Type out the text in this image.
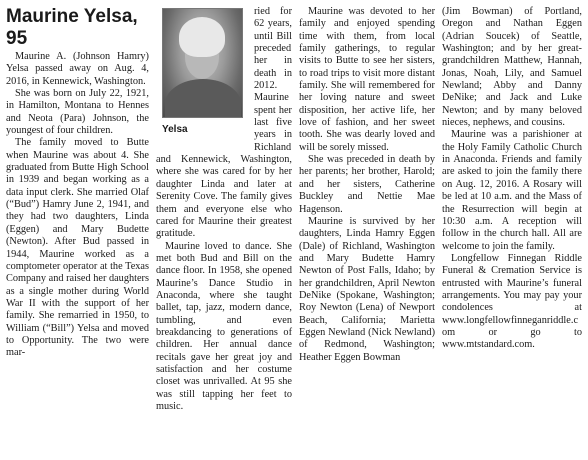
Maurine Yelsa, 95

Maurine A. (Johnson Hamry) Yelsa passed away on Aug. 4, 2016, in Kennewick, Washington.

She was born on July 22, 1921, in Hamilton, Montana to Hennes and Neota (Para) Johnson, the youngest of four children.

The family moved to Butte when Maurine was about 4. She graduated from Butte High School in 1939 and began working as a data input clerk. She married Olaf (“Bud”) Hamry June 2, 1941, and they had two daughters, Linda (Eggen) and Mary Budette (Newton). After Bud passed in 1944, Maurine worked as a comptometer operator at the Texas Company and raised her daughters as a single mother during World War II with the support of her family. She remarried in 1950, to William (“Bill”) Yelsa and moved to Opportunity. The two were mar-

Yelsa

ried for 62 years, until Bill preceded her in death in 2012. Maurine spent her last five years in Richland and Kennewick, Washington, where she was cared for by her daughter Linda and later at Serenity Cove. The family gives them and everyone else who cared for Maurine their greatest gratitude.

Maurine loved to dance. She met both Bud and Bill on the dance floor. In 1958, she opened Maurine’s Dance Studio in Anaconda, where she taught ballet, tap, jazz, modern dance, tumbling, and even breakdancing to generations of children. Her annual dance recitals gave her great joy and satisfaction and her costume closet was unrivalled. At 95 she was still tapping her feet to music.

Maurine was devoted to her family and enjoyed spending time with them, from local family gatherings, to regular visits to Butte to see her sisters, to road trips to visit more distant family. She will remembered for her loving nature and sweet disposition, her active life, her love of fashion, and her sweet tooth. She was dearly loved and will be sorely missed.

She was preceded in death by her parents; her brother, Harold; and her sisters, Catherine Buckley and Nettie Mae Hagenson.

Maurine is survived by her daughters, Linda Hamry Eggen (Dale) of Richland, Washington and Mary Budette Hamry Newton of Post Falls, Idaho; by her grandchildren, April Newton DeNike (Spokane, Washington; Roy Newton (Lena) of Newport Beach, California; Marietta Eggen Newland (Nick Newland) of Redmond, Washington; Heather Eggen Bowman

(Jim Bowman) of Portland, Oregon and Nathan Eggen (Adrian Soucek) of Seattle, Washington; and by her great-grandchildren Matthew, Hannah, Jonas, Noah, Lily, and Samuel Newland; Abby and Danny DeNike; and Jack and Luke Newton; and by many beloved nieces, nephews, and cousins.

Maurine was a parishioner at the Holy Family Catholic Church in Anaconda. Friends and family are asked to join the family there on Aug. 12, 2016. A Rosary will be led at 10 a.m. and the Mass of the Resurrection will begin at 10:30 a.m. A reception will follow in the church hall. All are welcome to join the family.

Longfellow Finnegan Riddle Funeral & Cremation Service is entrusted with Maurine’s funeral arrangements. You may pay your condolences at www.longfellowfinneganriddle.com or go to www.mtstandard.com.
